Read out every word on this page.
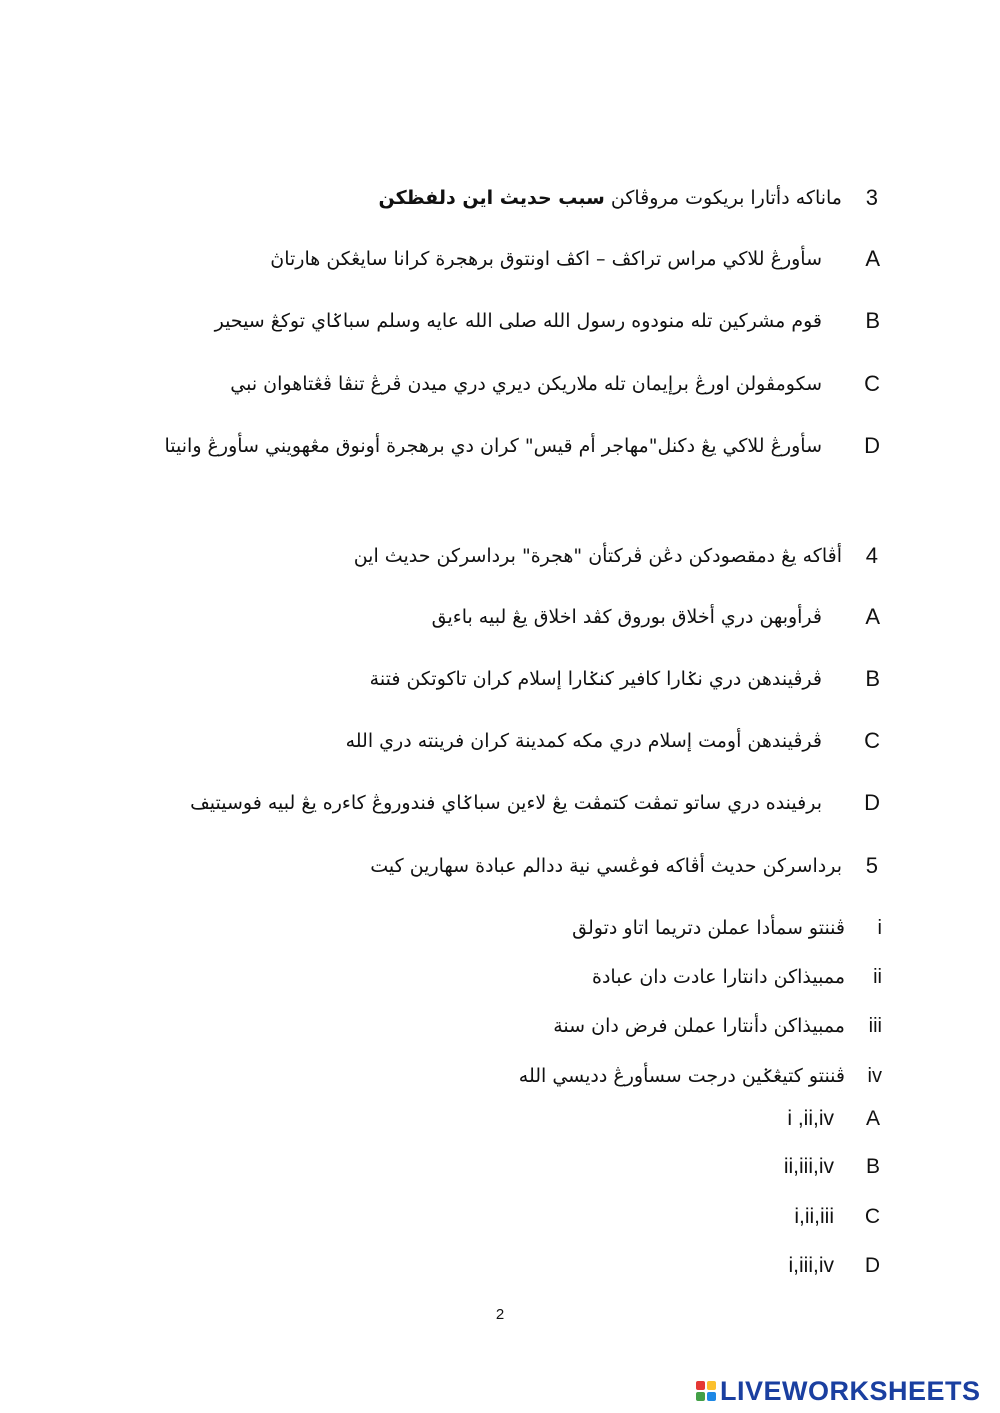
3
ماناكه دأتارا بريكوت مروڤاكن سبب حديث اين دلفظكن
A
سأورڠ للاكي مراس تراكڤ – اكڤ اونتوق برهجرة كرانا سايڠكن هارتاڽ
B
قوم مشركين تله منودوه رسول الله صلى الله عايه وسلم سباݢاي توكڠ سيحير
C
سكومڤولن اورڠ برإيمان تله ملاريكن ديري دري ميدن ڤرڠ تنڤا ڤڠتاهوان نبي
D
سأورڠ للاكي يڠ دكنل"مهاجر أم قيس" كران دي برهجرة أونوق مڠهويني سأورڠ وانيتا
4
أڤاكه يڠ دمقصودكن دڠن ڤركتأن "هجرة" برداسركن حديث اين
A
ڤرأوبهن دري أخلاق بوروق كڤد اخلاق يڠ لبيه باءيق
B
ڤرڤيندهن دري نݢارا كافير كنݢارا إسلام كران تاكوتكن فتنة
C
ڤرڤيندهن أومت إسلام دري مكه كمدينة كران فرينته دري الله
D
برفينده دري ساتو تمڤت كتمڤت يڠ لاءين سباݢاي فندوروڠ كاءره يڠ لبيه فوسيتيف
5
برداسركن حديث أڤاكه فوڠسي نية ددالم عبادة سهارين كيت
i
ڤننتو سمأدا عملن دتريما اتاو دتولق
ii
ممبيذاكن دانتارا عادت دان عبادة
iii
ممبيذاكن دأنتارا عملن فرض دان سنة
iv
ڤننتو كتيڠݢين درجت سسأورڠ ددیسي الله
A
i ,ii,iv
B
ii,iii,iv
C
i,ii,iii
D
i,iii,iv
2
LIVEWORKSHEETS
